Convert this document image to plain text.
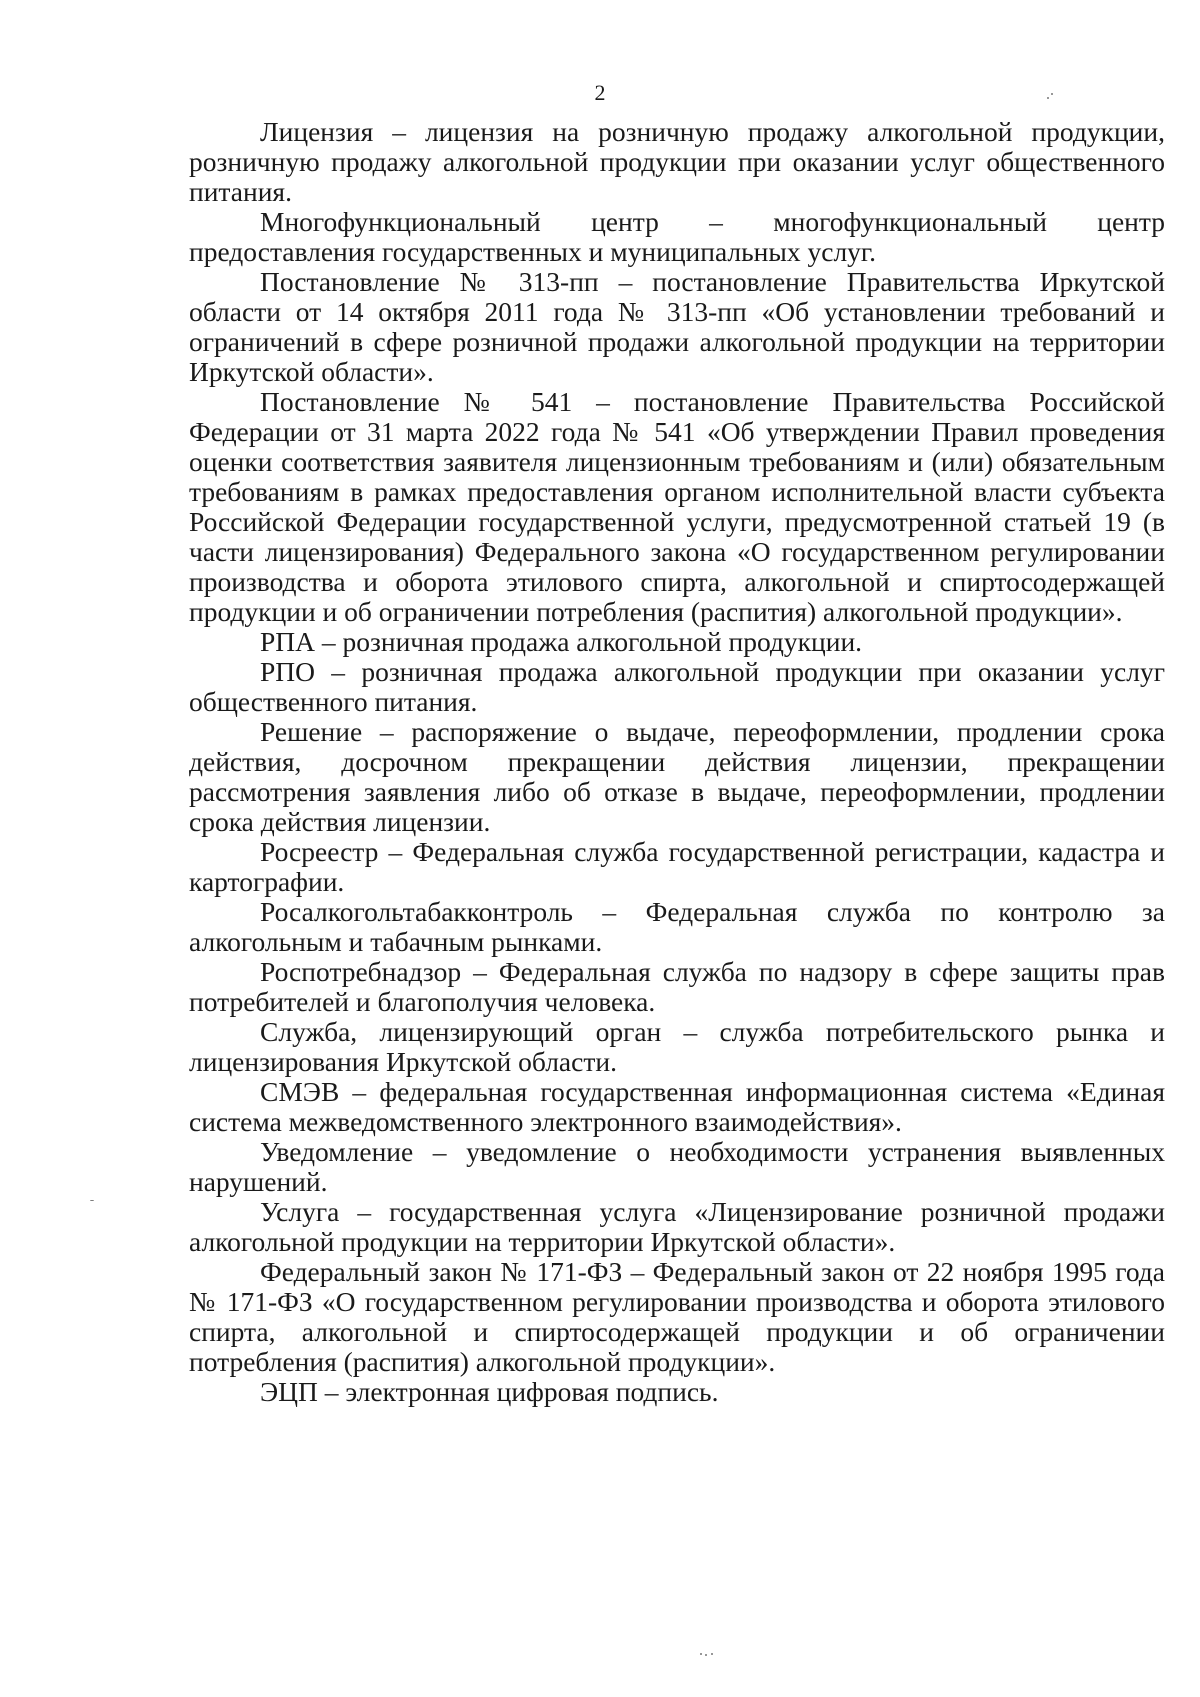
2

Лицензия – лицензия на розничную продажу алкогольной продукции, розничную продажу алкогольной продукции при оказании услуг общественного питания.

Многофункциональный центр – многофункциональный центр предоставления государственных и муниципальных услуг.

Постановление № 313-пп – постановление Правительства Иркутской области от 14 октября 2011 года № 313-пп «Об установлении требований и ограничений в сфере розничной продажи алкогольной продукции на территории Иркутской области».

Постановление № 541 – постановление Правительства Российской Федерации от 31 марта 2022 года № 541 «Об утверждении Правил проведения оценки соответствия заявителя лицензионным требованиям и (или) обязательным требованиям в рамках предоставления органом исполнительной власти субъекта Российской Федерации государственной услуги, предусмотренной статьей 19 (в части лицензирования) Федерального закона «О государственном регулировании производства и оборота этилового спирта, алкогольной и спиртосодержащей продукции и об ограничении потребления (распития) алкогольной продукции».

РПА – розничная продажа алкогольной продукции.

РПО – розничная продажа алкогольной продукции при оказании услуг общественного питания.

Решение – распоряжение о выдаче, переоформлении, продлении срока действия, досрочном прекращении действия лицензии, прекращении рассмотрения заявления либо об отказе в выдаче, переоформлении, продлении срока действия лицензии.

Росреестр – Федеральная служба государственной регистрации, кадастра и картографии.

Росалкогольтабакконтроль – Федеральная служба по контролю за алкогольным и табачным рынками.

Роспотребнадзор – Федеральная служба по надзору в сфере защиты прав потребителей и благополучия человека.

Служба, лицензирующий орган – служба потребительского рынка и лицензирования Иркутской области.

СМЭВ – федеральная государственная информационная система «Единая система межведомственного электронного взаимодействия».

Уведомление – уведомление о необходимости устранения выявленных нарушений.

Услуга – государственная услуга «Лицензирование розничной продажи алкогольной продукции на территории Иркутской области».

Федеральный закон № 171-ФЗ – Федеральный закон от 22 ноября 1995 года № 171-ФЗ «О государственном регулировании производства и оборота этилового спирта, алкогольной и спиртосодержащей продукции и об ограничении потребления (распития) алкогольной продукции».

ЭЦП – электронная цифровая подпись.
